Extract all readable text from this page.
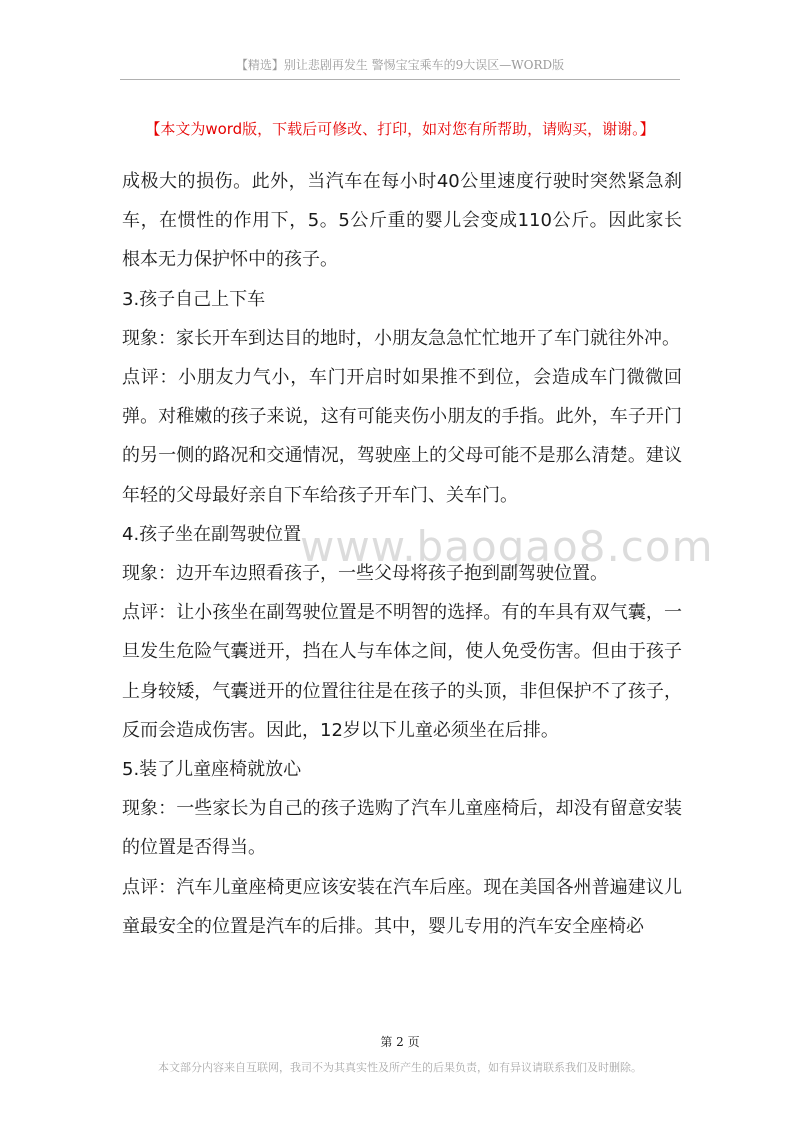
【精选】别让悲剧再发生 警惕宝宝乘车的9大误区—WORD版
【本文为word版，下载后可修改、打印，如对您有所帮助，请购买，谢谢。】
www.baogao8.com

成极大的损伤。此外，当汽车在每小时40公里速度行驶时突然紧急刹车，在惯性的作用下，5。5公斤重的婴儿会变成110公斤。因此家长根本无力保护怀中的孩子。

3.孩子自己上下车

现象：家长开车到达目的地时，小朋友急急忙忙地开了车门就往外冲。

点评：小朋友力气小，车门开启时如果推不到位，会造成车门微微回弹。对稚嫩的孩子来说，这有可能夹伤小朋友的手指。此外，车子开门的另一侧的路况和交通情况，驾驶座上的父母可能不是那么清楚。建议年轻的父母最好亲自下车给孩子开车门、关车门。

4.孩子坐在副驾驶位置

现象：边开车边照看孩子，一些父母将孩子抱到副驾驶位置。

点评：让小孩坐在副驾驶位置是不明智的选择。有的车具有双气囊，一旦发生危险气囊迸开，挡在人与车体之间，使人免受伤害。但由于孩子上身较矮，气囊迸开的位置往往是在孩子的头顶，非但保护不了孩子，反而会造成伤害。因此，12岁以下儿童必须坐在后排。

5.装了儿童座椅就放心

现象：一些家长为自己的孩子选购了汽车儿童座椅后，却没有留意安装的位置是否得当。

点评：汽车儿童座椅更应该安装在汽车后座。现在美国各州普遍建议儿童最安全的位置是汽车的后排。其中，婴儿专用的汽车安全座椅必

第 2 页
本文部分内容来自互联网，我司不为其真实性及所产生的后果负责，如有异议请联系我们及时删除。
